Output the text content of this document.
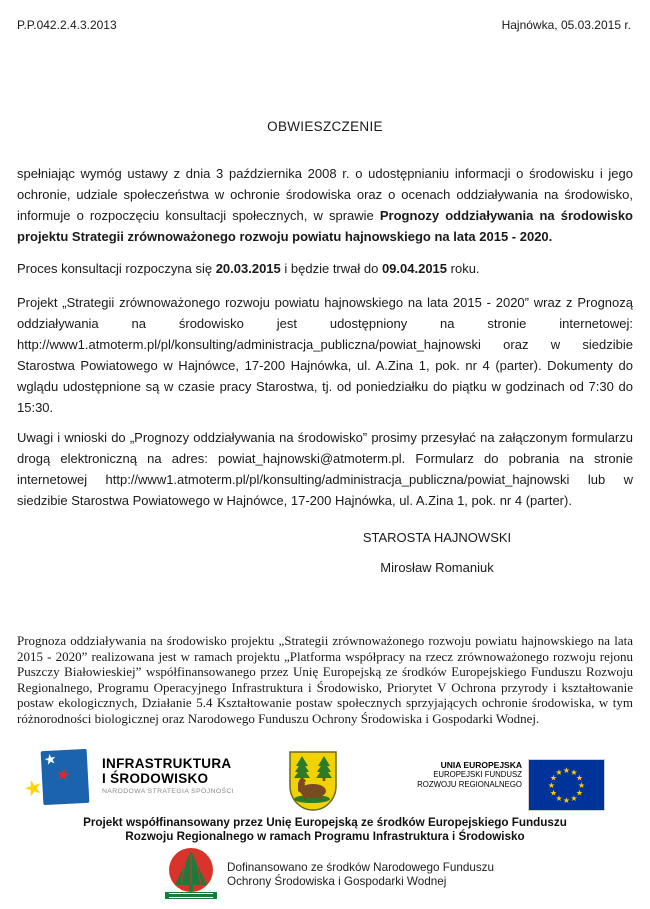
P.P.042.2.4.3.2013	Hajnówka, 05.03.2015 r.
OBWIESZCZENIE

spełniając wymóg ustawy z dnia 3 października 2008 r. o udostępnianiu informacji o środowisku i jego ochronie, udziale społeczeństwa w ochronie środowiska oraz o ocenach oddziaływania na środowisko, informuje o rozpoczęciu konsultacji społecznych, w sprawie Prognozy oddziaływania na środowisko projektu Strategii zrównoważonego rozwoju powiatu hajnowskiego na lata 2015 - 2020.

Proces konsultacji rozpoczyna się 20.03.2015 i będzie trwał do 09.04.2015 roku.

Projekt „Strategii zrównoważonego rozwoju powiatu hajnowskiego na lata 2015 - 2020” wraz z Prognozą oddziaływania na środowisko jest udostępniony na stronie internetowej: http://www1.atmoterm.pl/pl/konsulting/administracja_publiczna/powiat_hajnowski oraz w siedzibie Starostwa Powiatowego w Hajnówce, 17-200 Hajnówka, ul. A.Zina 1, pok. nr 4 (parter). Dokumenty do wglądu udostępnione są w czasie pracy Starostwa, tj. od poniedziałku do piątku w godzinach od 7:30 do 15:30.

Uwagi i wnioski do „Prognozy oddziaływania na środowisko” prosimy przesyłać na załączonym formularzu drogą elektroniczną na adres: powiat_hajnowski@atmoterm.pl. Formularz do pobrania na stronie internetowej http://www1.atmoterm.pl/pl/konsulting/administracja_publiczna/powiat_hajnowski lub w siedzibie Starostwa Powiatowego w Hajnówce, 17-200 Hajnówka, ul. A.Zina 1, pok. nr 4 (parter).

STAROSTA HAJNOWSKI
Mirosław Romaniuk

Prognoza oddziaływania na środowisko projektu „Strategii zrównoważonego rozwoju powiatu hajnowskiego na lata 2015 - 2020” realizowana jest w ramach projektu „Platforma współpracy na rzecz zrównoważonego rozwoju rejonu Puszczy Białowieskiej” współfinansowanego przez Unię Europejską ze środków Europejskiego Funduszu Rozwoju Regionalnego, Programu Operacyjnego Infrastruktura i Środowisko, Priorytet V Ochrona przyrody i kształtowanie postaw ekologicznych, Działanie 5.4 Kształtowanie postaw społecznych sprzyjających ochronie środowiska, w tym różnorodności biologicznej oraz Narodowego Funduszu Ochrony Środowiska i Gospodarki Wodnej.

★
★
★
INFRASTRUKTURA
I ŚRODOWISKO
NARODOWA STRATEGIA SPÓJNOŚCI
UNIA EUROPEJSKA
EUROPEJSKI FUNDUSZ
ROZWOJU REGIONALNEGO
★ ★
★
★
★
★
★
★
★
★
★
★
Projekt współfinansowany przez Unię Europejską ze środków Europejskiego Funduszu Rozwoju Regionalnego w ramach Programu Infrastruktura i Środowisko
Dofinansowano ze środków Narodowego Funduszu Ochrony Środowiska i Gospodarki Wodnej
